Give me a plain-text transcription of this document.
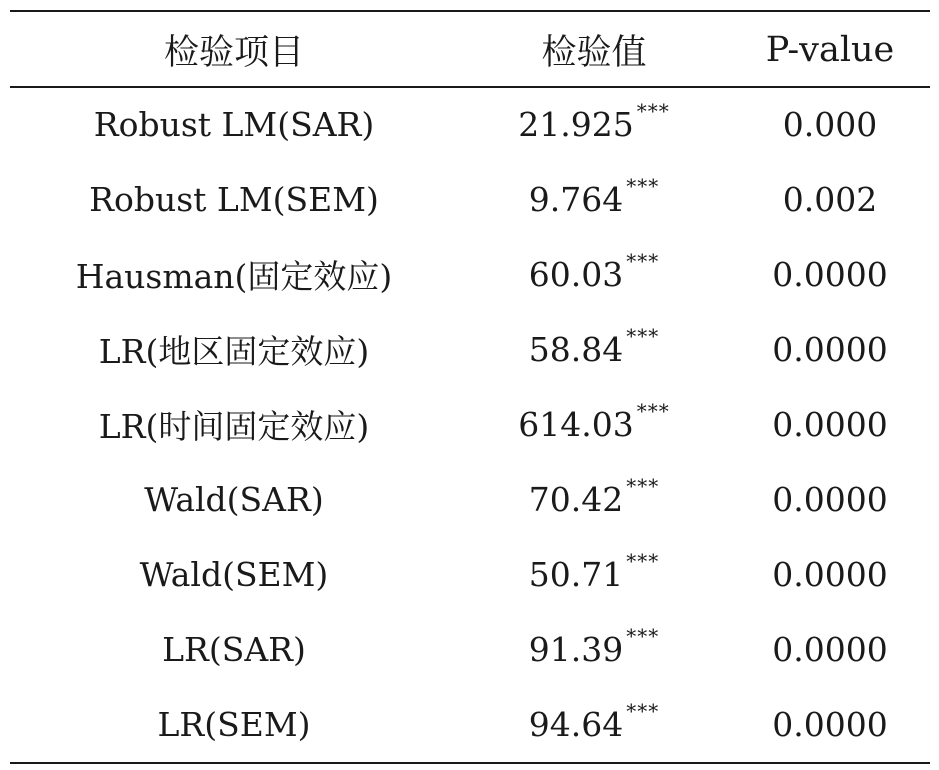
检验项目	检验值	P-value
Robust LM(SAR)	21.925 ***	0.000
Robust LM(SEM)	9.764 ***	0.002
Hausman(固定效应)	60.03 ***	0.0000
LR(地区固定效应)	58.84 ***	0.0000
LR(时间固定效应)	614.03 ***	0.0000
Wald(SAR)	70.42 ***	0.0000
Wald(SEM)	50.71 ***	0.0000
LR(SAR)	91.39 ***	0.0000
LR(SEM)	94.64 ***	0.0000
